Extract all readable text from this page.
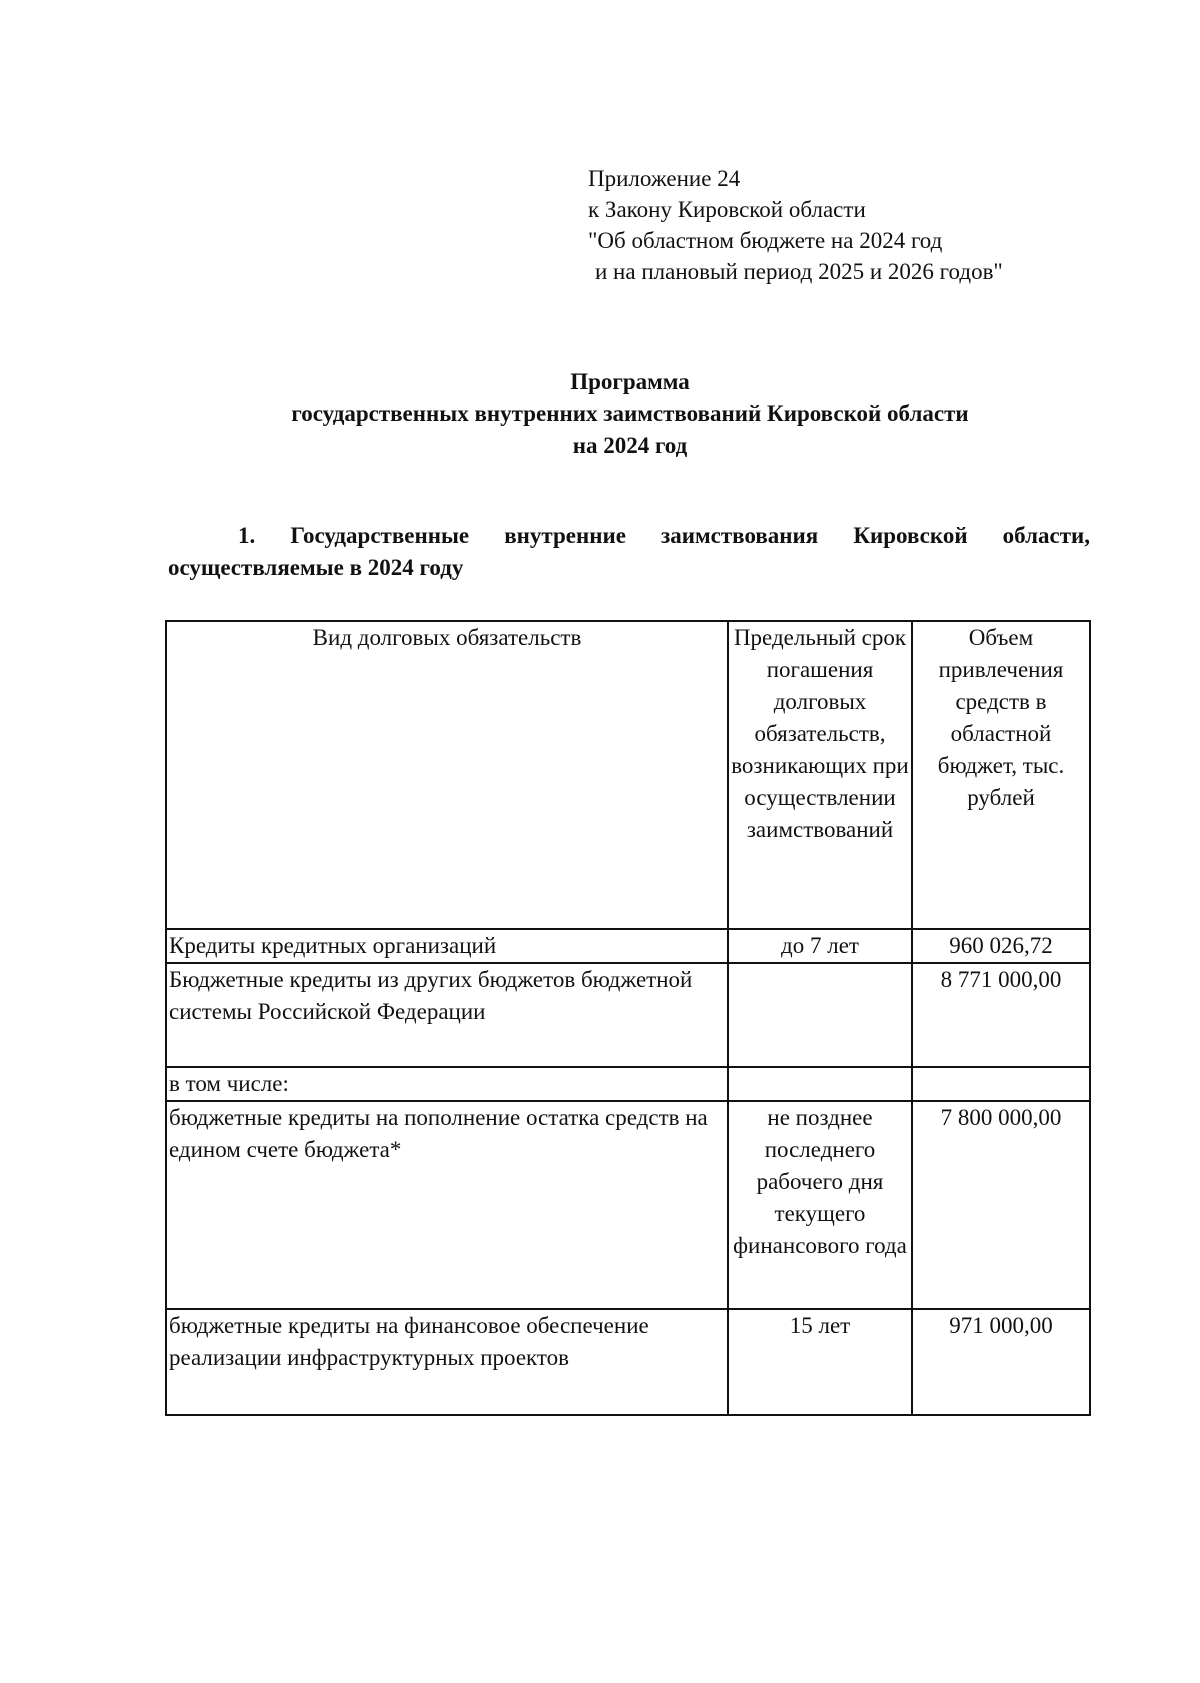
Приложение 24
к Закону Кировской области
"Об областном бюджете на 2024 год
и на плановый период 2025 и 2026 годов"
Программа
государственных внутренних заимствований Кировской области
на 2024 год
1. Государственные внутренние заимствования Кировской области,
осуществляемые в 2024 году
Вид долговых обязательств	Предельный срок погашения долговых обязательств, возникающих при осуществлении заимствований	Объем привлечения средств в областной бюджет, тыс. рублей
Кредиты кредитных организаций	до 7 лет	960 026,72
Бюджетные кредиты из других бюджетов бюджетной системы Российской Федерации		8 771 000,00
в том числе:		
бюджетные кредиты на пополнение остатка средств на едином счете бюджета*	не позднее последнего рабочего дня текущего финансового года	7 800 000,00
бюджетные кредиты на финансовое обеспечение реализации инфраструктурных проектов	15 лет	971 000,00
